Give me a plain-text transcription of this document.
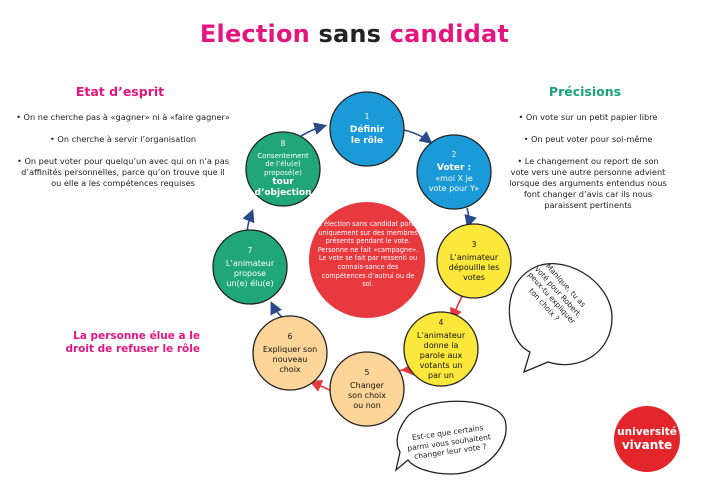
Election sans candidat
Etat d’esprit
• On ne cherche pas à «gagner» ni à «faire gagner»
• On cherche à servir l’organisation
• On peut voter pour quelqu’un avec qui on n’a pas d’affinités personnelles, parce qu’on trouve que il ou elle a les compétences requises
La personne élue a le droit de refuser le rôle
Précisions
• On vote sur un petit papier libre
• On peut voter pour soi-même
• Le changement ou report de son vote vers une autre personne advient lorsque des arguments entendus nous font changer d’avis car ils nous paraissent pertinents
L’élection sans candidat porte uniquement sur des membres présents pendant le vote. Personne ne fait «campagne». Le vote se fait par ressenti ou connais-sance des compétences d’autrui ou de soi.
1
Définir
le rôle
2
Voter :
«moi X je vote pour Y»
3
L’animateur
dépouille les votes
4
L’animateur
donne la parole aux votants un par un
5
Changer
son choix ou non
6
Expliquer son
nouveau choix
7
L’animateur
propose un(e) élu(e)
8
Consentement de l’élu(e) proposé(e)
tour d’objection
Manique, tu as voté pour Robert, peux-tu expliquer ton choix ?
Est-ce que certains parmi vous souhaitent changer leur vote ?
université
vivante
